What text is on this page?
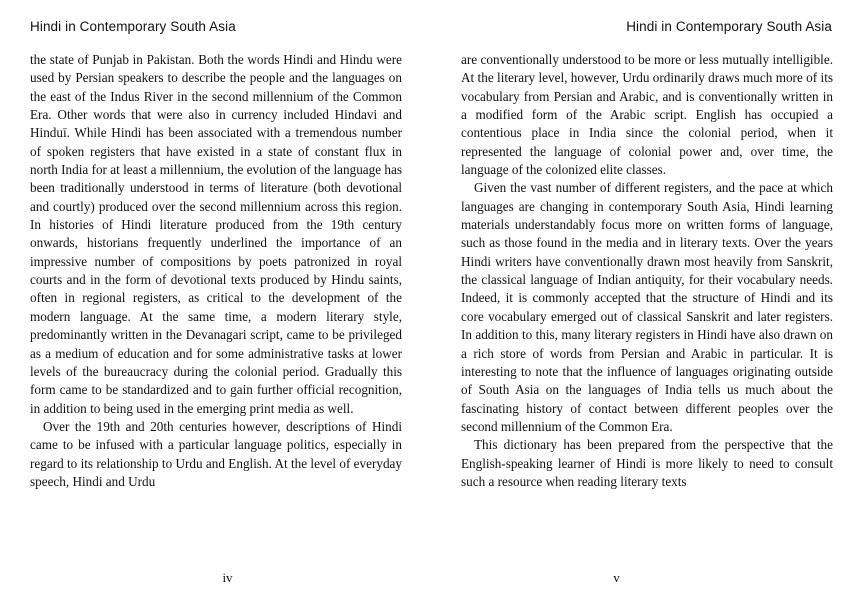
Hindi in Contemporary South Asia

the state of Punjab in Pakistan. Both the words Hindi and Hindu were used by Persian speakers to describe the people and the languages on the east of the Indus River in the second millennium of the Common Era. Other words that were also in currency included Hindavi and Hinduī. While Hindi has been associated with a tremendous number of spoken registers that have existed in a state of constant flux in north India for at least a millennium, the evolution of the language has been traditionally understood in terms of literature (both devotional and courtly) produced over the second millennium across this region. In histories of Hindi literature produced from the 19th century onwards, historians frequently underlined the importance of an impressive number of compositions by poets patronized in royal courts and in the form of devotional texts produced by Hindu saints, often in regional registers, as critical to the development of the modern language. At the same time, a modern literary style, predominantly written in the Devanagari script, came to be privileged as a medium of education and for some administrative tasks at lower levels of the bureaucracy during the colonial period. Gradually this form came to be standardized and to gain further official recognition, in addition to being used in the emerging print media as well.

Over the 19th and 20th centuries however, descriptions of Hindi came to be infused with a particular language politics, especially in regard to its relationship to Urdu and English. At the level of everyday speech, Hindi and Urdu

iv
Hindi in Contemporary South Asia

are conventionally understood to be more or less mutually intelligible. At the literary level, however, Urdu ordinarily draws much more of its vocabulary from Persian and Arabic, and is conventionally written in a modified form of the Arabic script. English has occupied a contentious place in India since the colonial period, when it represented the language of colonial power and, over time, the language of the colonized elite classes.

Given the vast number of different registers, and the pace at which languages are changing in contemporary South Asia, Hindi learning materials understandably focus more on written forms of language, such as those found in the media and in literary texts. Over the years Hindi writers have conventionally drawn most heavily from Sanskrit, the classical language of Indian antiquity, for their vocabulary needs. Indeed, it is commonly accepted that the structure of Hindi and its core vocabulary emerged out of classical Sanskrit and later registers. In addition to this, many literary registers in Hindi have also drawn on a rich store of words from Persian and Arabic in particular. It is interesting to note that the influence of languages originating outside of South Asia on the languages of India tells us much about the fascinating history of contact between different peoples over the second millennium of the Common Era.

This dictionary has been prepared from the perspective that the English-speaking learner of Hindi is more likely to need to consult such a resource when reading literary texts

v
